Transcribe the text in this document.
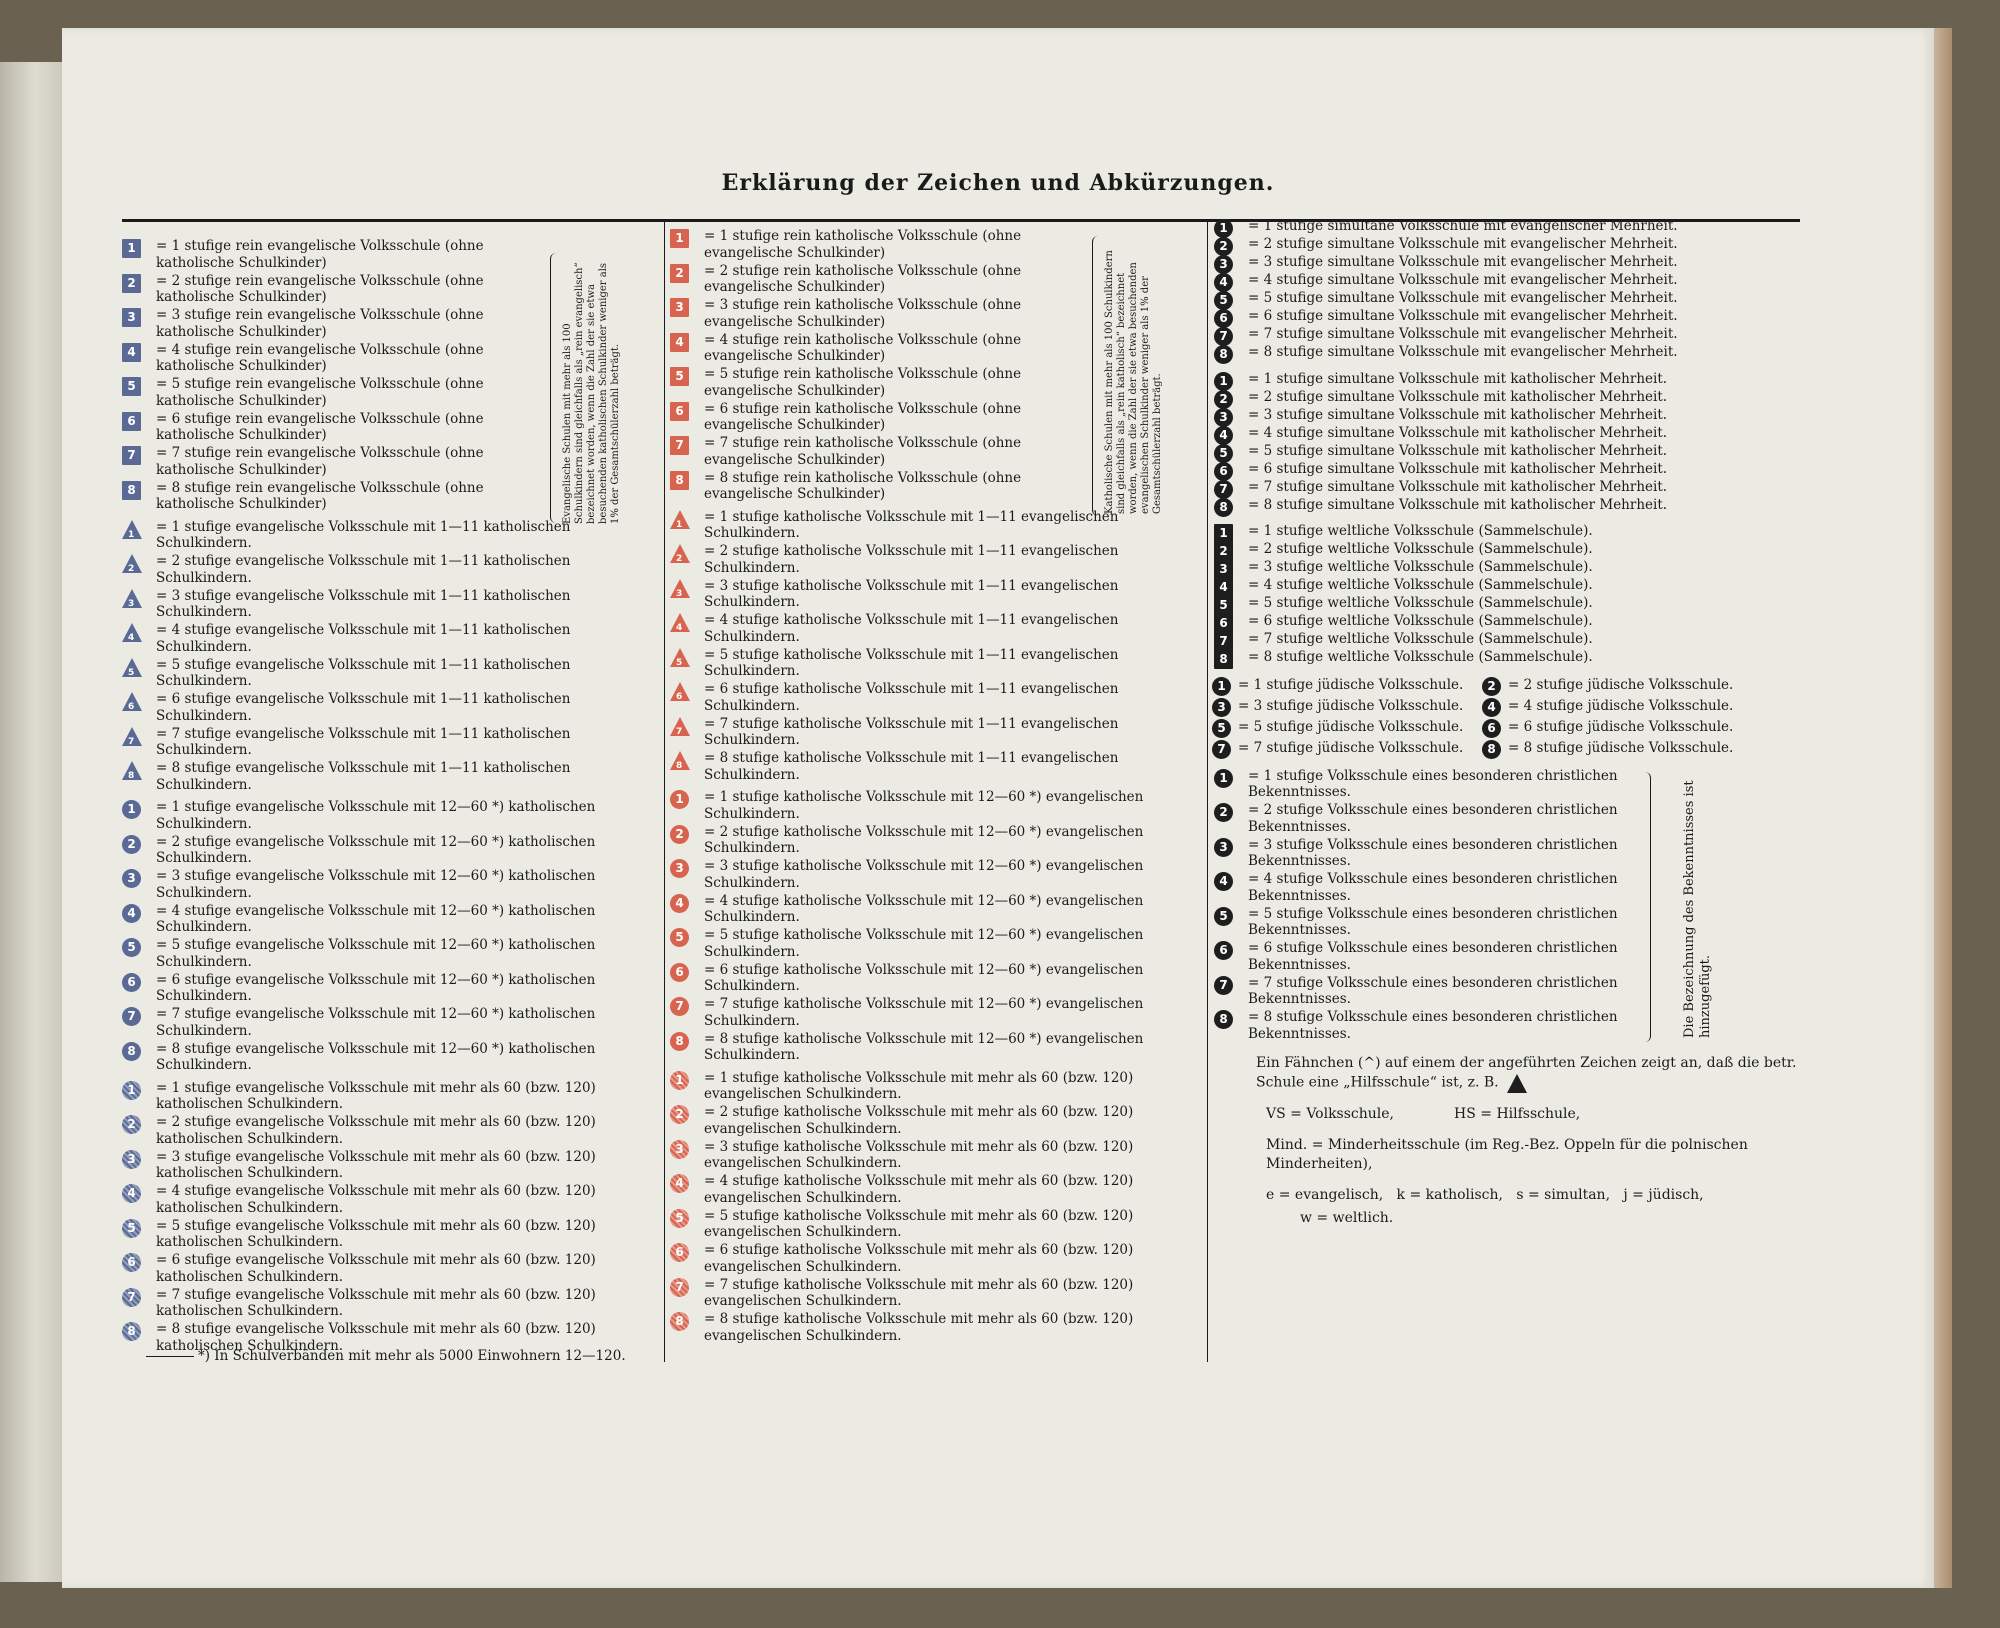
Erklärung der Zeichen und Abkürzungen.
1 = 1 stufige rein evangelische Volksschule (ohne katholische Schulkinder)
2 = 2 stufige rein evangelische Volksschule (ohne katholische Schulkinder)
3 = 3 stufige rein evangelische Volksschule (ohne katholische Schulkinder)
4 = 4 stufige rein evangelische Volksschule (ohne katholische Schulkinder)
5 = 5 stufige rein evangelische Volksschule (ohne katholische Schulkinder)
6 = 6 stufige rein evangelische Volksschule (ohne katholische Schulkinder)
7 = 7 stufige rein evangelische Volksschule (ohne katholische Schulkinder)
8 = 8 stufige rein evangelische Volksschule (ohne katholische Schulkinder)
1 = 1 stufige evangelische Volksschule mit 1—11 katholischen Schulkindern.
2 = 2 stufige evangelische Volksschule mit 1—11 katholischen Schulkindern.
3 = 3 stufige evangelische Volksschule mit 1—11 katholischen Schulkindern.
4 = 4 stufige evangelische Volksschule mit 1—11 katholischen Schulkindern.
5 = 5 stufige evangelische Volksschule mit 1—11 katholischen Schulkindern.
6 = 6 stufige evangelische Volksschule mit 1—11 katholischen Schulkindern.
7 = 7 stufige evangelische Volksschule mit 1—11 katholischen Schulkindern.
8 = 8 stufige evangelische Volksschule mit 1—11 katholischen Schulkindern.
1 = 1 stufige evangelische Volksschule mit 12—60 *) katholischen Schulkindern.
2 = 2 stufige evangelische Volksschule mit 12—60 *) katholischen Schulkindern.
3 = 3 stufige evangelische Volksschule mit 12—60 *) katholischen Schulkindern.
4 = 4 stufige evangelische Volksschule mit 12—60 *) katholischen Schulkindern.
5 = 5 stufige evangelische Volksschule mit 12—60 *) katholischen Schulkindern.
6 = 6 stufige evangelische Volksschule mit 12—60 *) katholischen Schulkindern.
7 = 7 stufige evangelische Volksschule mit 12—60 *) katholischen Schulkindern.
8 = 8 stufige evangelische Volksschule mit 12—60 *) katholischen Schulkindern.
1 = 1 stufige evangelische Volksschule mit mehr als 60 (bzw. 120) katholischen Schulkindern.
2 = 2 stufige evangelische Volksschule mit mehr als 60 (bzw. 120) katholischen Schulkindern.
3 = 3 stufige evangelische Volksschule mit mehr als 60 (bzw. 120) katholischen Schulkindern.
4 = 4 stufige evangelische Volksschule mit mehr als 60 (bzw. 120) katholischen Schulkindern.
5 = 5 stufige evangelische Volksschule mit mehr als 60 (bzw. 120) katholischen Schulkindern.
6 = 6 stufige evangelische Volksschule mit mehr als 60 (bzw. 120) katholischen Schulkindern.
7 = 7 stufige evangelische Volksschule mit mehr als 60 (bzw. 120) katholischen Schulkindern.
8 = 8 stufige evangelische Volksschule mit mehr als 60 (bzw. 120) katholischen Schulkindern.
1 = 1 stufige rein katholische Volksschule (ohne evangelische Schulkinder)
2 = 2 stufige rein katholische Volksschule (ohne evangelische Schulkinder)
3 = 3 stufige rein katholische Volksschule (ohne evangelische Schulkinder)
4 = 4 stufige rein katholische Volksschule (ohne evangelische Schulkinder)
5 = 5 stufige rein katholische Volksschule (ohne evangelische Schulkinder)
6 = 6 stufige rein katholische Volksschule (ohne evangelische Schulkinder)
7 = 7 stufige rein katholische Volksschule (ohne evangelische Schulkinder)
8 = 8 stufige rein katholische Volksschule (ohne evangelische Schulkinder)
1 = 1 stufige katholische Volksschule mit 1—11 evangelischen Schulkindern.
2 = 2 stufige katholische Volksschule mit 1—11 evangelischen Schulkindern.
3 = 3 stufige katholische Volksschule mit 1—11 evangelischen Schulkindern.
4 = 4 stufige katholische Volksschule mit 1—11 evangelischen Schulkindern.
5 = 5 stufige katholische Volksschule mit 1—11 evangelischen Schulkindern.
6 = 6 stufige katholische Volksschule mit 1—11 evangelischen Schulkindern.
7 = 7 stufige katholische Volksschule mit 1—11 evangelischen Schulkindern.
8 = 8 stufige katholische Volksschule mit 1—11 evangelischen Schulkindern.
1 = 1 stufige katholische Volksschule mit 12—60 *) evangelischen Schulkindern.
2 = 2 stufige katholische Volksschule mit 12—60 *) evangelischen Schulkindern.
3 = 3 stufige katholische Volksschule mit 12—60 *) evangelischen Schulkindern.
4 = 4 stufige katholische Volksschule mit 12—60 *) evangelischen Schulkindern.
5 = 5 stufige katholische Volksschule mit 12—60 *) evangelischen Schulkindern.
6 = 6 stufige katholische Volksschule mit 12—60 *) evangelischen Schulkindern.
7 = 7 stufige katholische Volksschule mit 12—60 *) evangelischen Schulkindern.
8 = 8 stufige katholische Volksschule mit 12—60 *) evangelischen Schulkindern.
1 = 1 stufige katholische Volksschule mit mehr als 60 (bzw. 120) evangelischen Schulkindern.
2 = 2 stufige katholische Volksschule mit mehr als 60 (bzw. 120) evangelischen Schulkindern.
3 = 3 stufige katholische Volksschule mit mehr als 60 (bzw. 120) evangelischen Schulkindern.
4 = 4 stufige katholische Volksschule mit mehr als 60 (bzw. 120) evangelischen Schulkindern.
5 = 5 stufige katholische Volksschule mit mehr als 60 (bzw. 120) evangelischen Schulkindern.
6 = 6 stufige katholische Volksschule mit mehr als 60 (bzw. 120) evangelischen Schulkindern.
7 = 7 stufige katholische Volksschule mit mehr als 60 (bzw. 120) evangelischen Schulkindern.
8 = 8 stufige katholische Volksschule mit mehr als 60 (bzw. 120) evangelischen Schulkindern.
1 = 1 stufige simultane Volksschule mit evangelischer Mehrheit.
2 = 2 stufige simultane Volksschule mit evangelischer Mehrheit.
3 = 3 stufige simultane Volksschule mit evangelischer Mehrheit.
4 = 4 stufige simultane Volksschule mit evangelischer Mehrheit.
5 = 5 stufige simultane Volksschule mit evangelischer Mehrheit.
6 = 6 stufige simultane Volksschule mit evangelischer Mehrheit.
7 = 7 stufige simultane Volksschule mit evangelischer Mehrheit.
8 = 8 stufige simultane Volksschule mit evangelischer Mehrheit.
1 = 1 stufige simultane Volksschule mit katholischer Mehrheit.
2 = 2 stufige simultane Volksschule mit katholischer Mehrheit.
3 = 3 stufige simultane Volksschule mit katholischer Mehrheit.
4 = 4 stufige simultane Volksschule mit katholischer Mehrheit.
5 = 5 stufige simultane Volksschule mit katholischer Mehrheit.
6 = 6 stufige simultane Volksschule mit katholischer Mehrheit.
7 = 7 stufige simultane Volksschule mit katholischer Mehrheit.
8 = 8 stufige simultane Volksschule mit katholischer Mehrheit.
1 = 1 stufige weltliche Volksschule (Sammelschule).
2 = 2 stufige weltliche Volksschule (Sammelschule).
3 = 3 stufige weltliche Volksschule (Sammelschule).
4 = 4 stufige weltliche Volksschule (Sammelschule).
5 = 5 stufige weltliche Volksschule (Sammelschule).
6 = 6 stufige weltliche Volksschule (Sammelschule).
7 = 7 stufige weltliche Volksschule (Sammelschule).
8 = 8 stufige weltliche Volksschule (Sammelschule).
1 = 1 stufige jüdische Volksschule. 2 = 2 stufige jüdische Volksschule.
3 = 3 stufige jüdische Volksschule. 4 = 4 stufige jüdische Volksschule.
5 = 5 stufige jüdische Volksschule. 6 = 6 stufige jüdische Volksschule.
7 = 7 stufige jüdische Volksschule. 8 = 8 stufige jüdische Volksschule.
1 = 1 stufige Volksschule eines besonderen christlichen Bekenntnisses.
2 = 2 stufige Volksschule eines besonderen christlichen Bekenntnisses.
3 = 3 stufige Volksschule eines besonderen christlichen Bekenntnisses.
4 = 4 stufige Volksschule eines besonderen christlichen Bekenntnisses.
5 = 5 stufige Volksschule eines besonderen christlichen Bekenntnisses.
6 = 6 stufige Volksschule eines besonderen christlichen Bekenntnisses.
7 = 7 stufige Volksschule eines besonderen christlichen Bekenntnisses.
8 = 8 stufige Volksschule eines besonderen christlichen Bekenntnisses.	Die Bezeichnung des Bekenntnisses ist hinzugefügt.
Ein Fähnchen (^) auf einem der angeführten Zeichen zeigt an, daß die betr. Schule eine „Hilfsschule“ ist, z. B.
VS = Volksschule,	HS = Hilfsschule,
Mind. = Minderheitsschule (im Reg.-Bez. Oppeln für die polnischen Minderheiten),
e = evangelisch,   k = katholisch,   s = simultan,   j = jüdisch,
w = weltlich.
Evangelische Schulen mit mehr als 100 Schulkindern sind gleichfalls als „rein evangelisch“ bezeichnet worden, wenn die Zahl der sie etwa besuchenden katholischen Schulkinder weniger als 1% der Gesamtschülerzahl beträgt.	Katholische Schulen mit mehr als 100 Schulkindern sind gleichfalls als „rein katholisch“ bezeichnet worden, wenn die Zahl der sie etwa besuchenden evangelischen Schulkinder weniger als 1% der Gesamtschülerzahl beträgt.
*) In Schulverbänden mit mehr als 5000 Einwohnern 12—120.
